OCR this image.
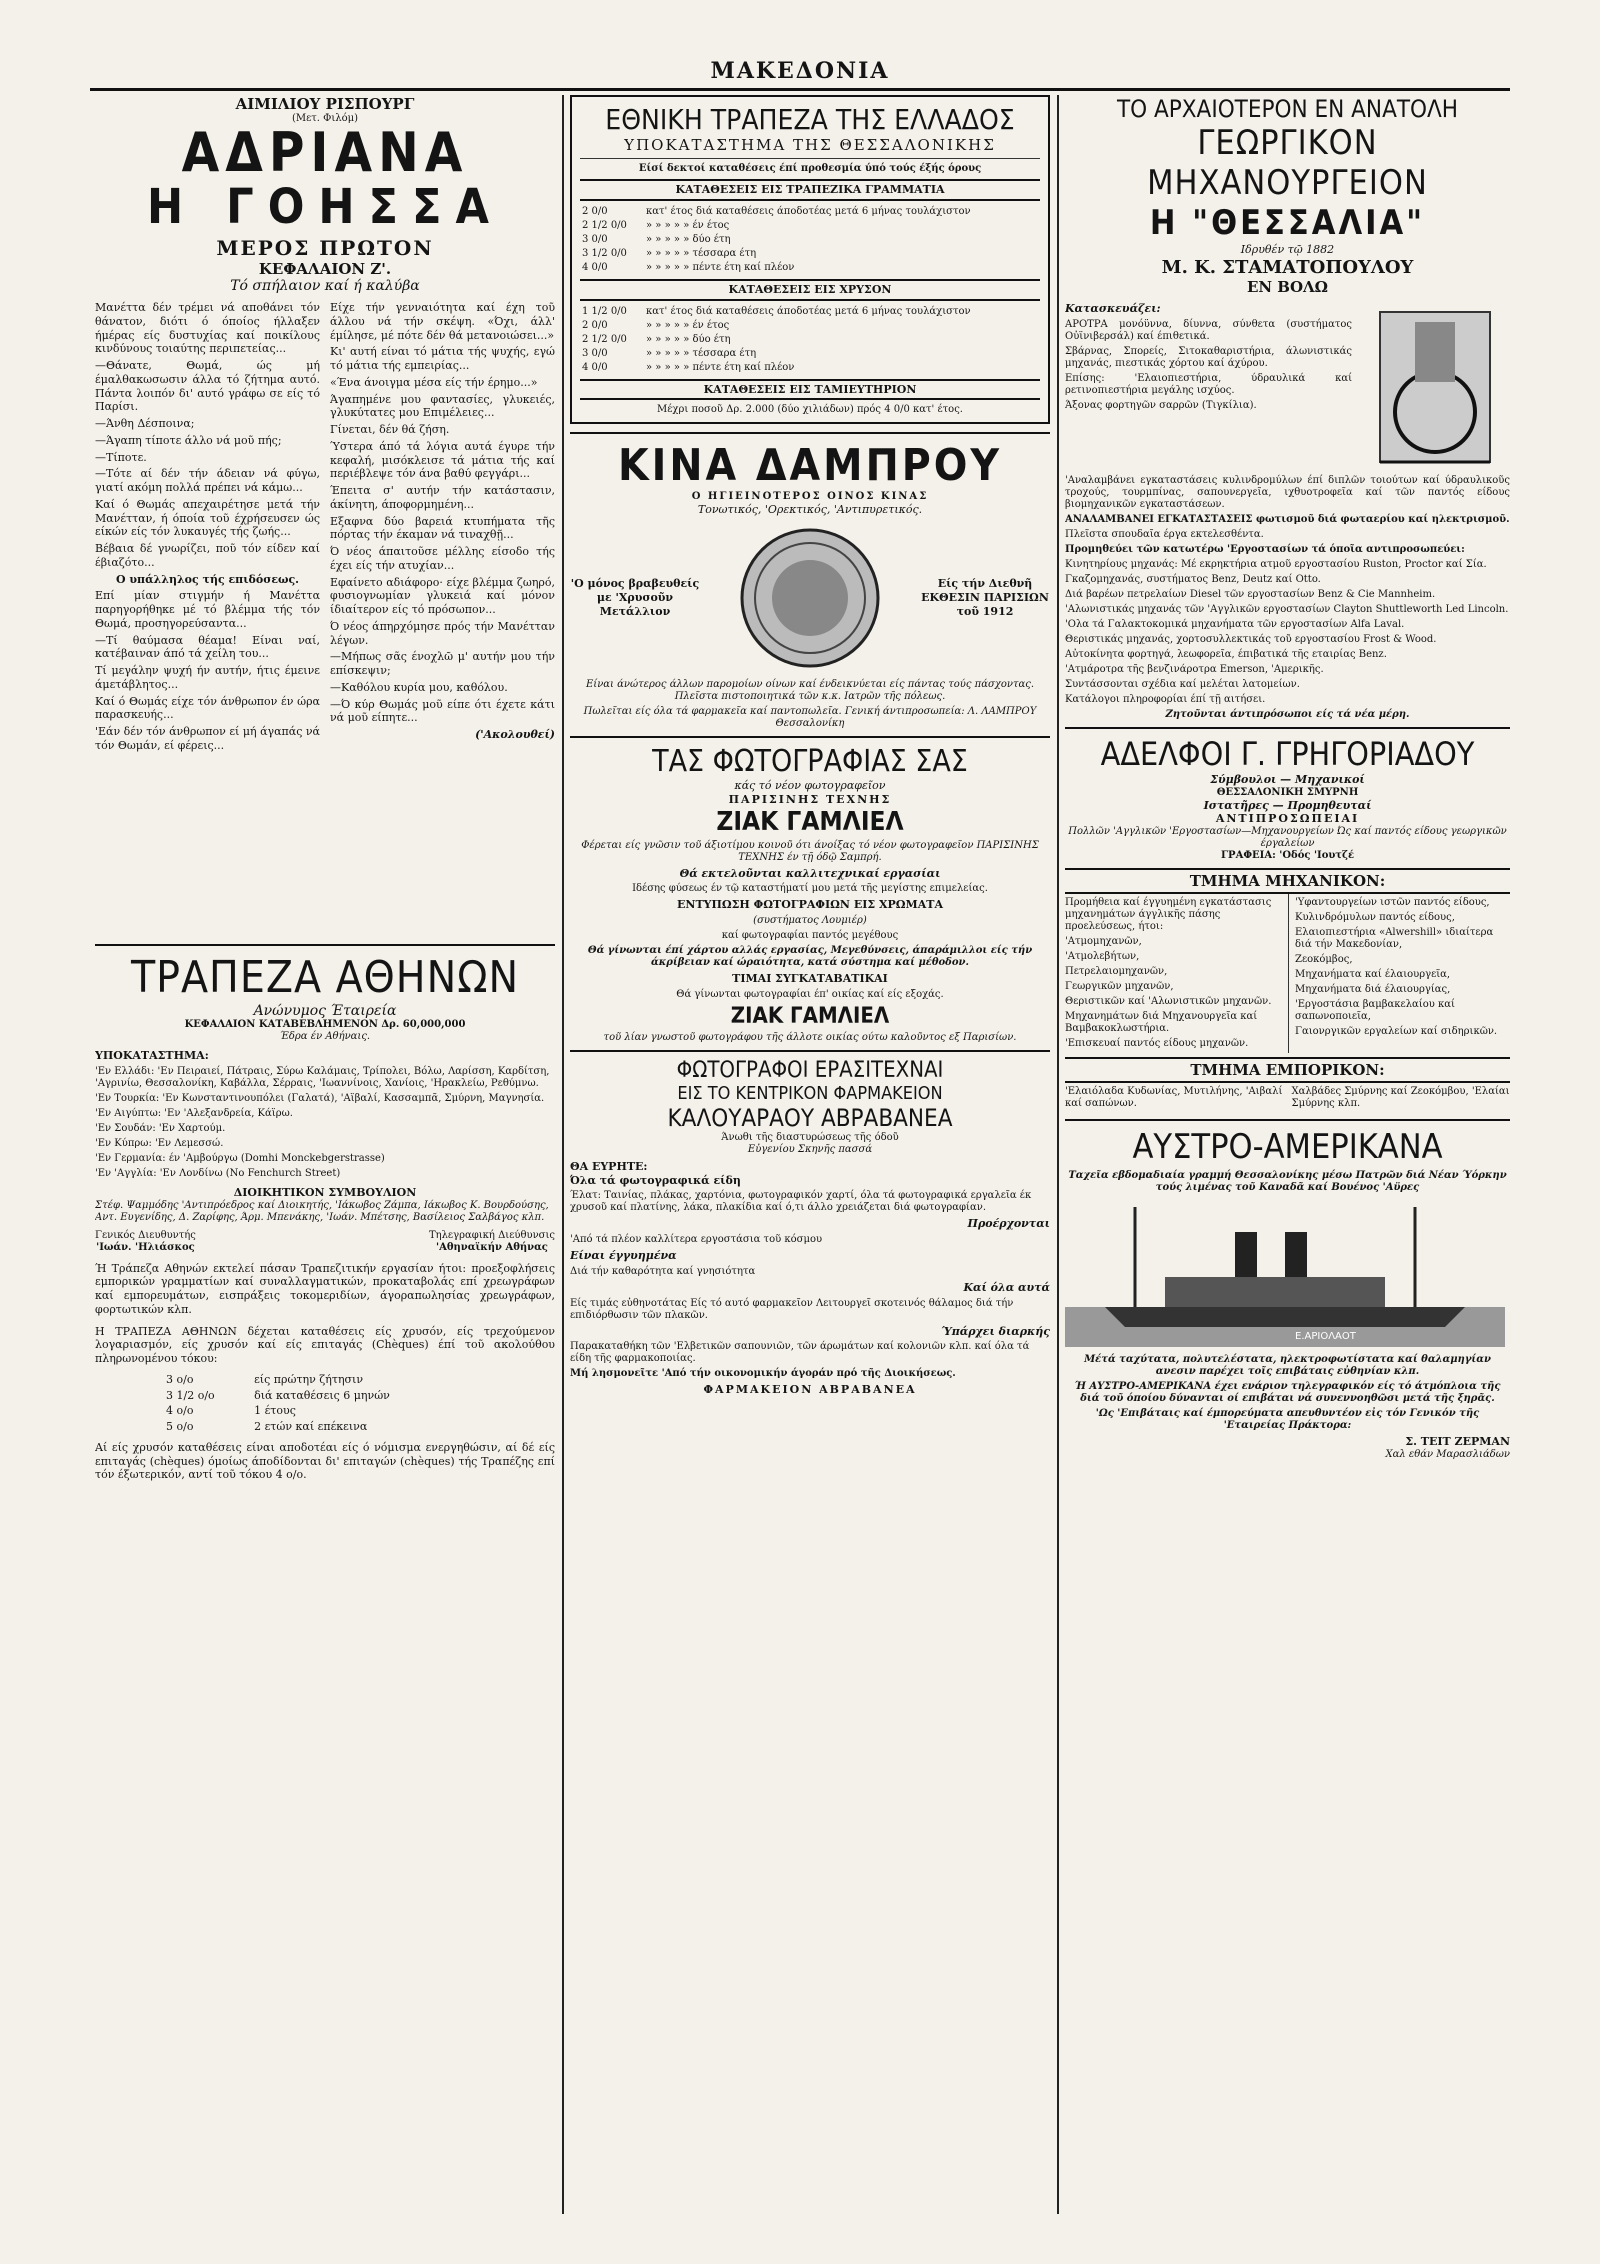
ΜΑΚΕΔΟΝΙΑ
ΑΙΜΙΛΙΟΥ ΡΙΣΠΟΥΡΓ
(Μετ. Φιλόμ)
ΑΔΡΙΑΝΑ
Η ΓΟΗΣΣΑ
ΜΕΡΟΣ ΠΡΩΤΟΝ
ΚΕΦΑΛΑΙΟΝ Ζ'.
Τό σπήλαιον καί ή καλύβα

Μανέττα δέν τρέμει νά αποθάνει τόν θάνατον, διότι ό όποίος ήλλαξεν ήμέρας είς δυστυχίας καί ποικίλους κινδύνους τοιαύτης περιπετείας...

—Θάνατε, Θωμά, ώς μή έμαλθακωσωσιν άλλα τό ζήτημα αυτό. Πάντα λοιπόν δι' αυτό γράφω σε είς τό Παρίσι.

—Άνθη Δέσποινα;

—Άγαπη τίποτε άλλο νά μοῦ πής;

—Τίποτε.

—Τότε αί δέν τήν άδειαν νά φύγω, γιατί ακόμη πολλά πρέπει νά κάμω...

Καί ό Θωμάς απεχαιρέτησε μετά τήν Μανέτταν, ή όποία τοῦ έχρήσευσεν ώς είκών είς τόν λυκαυγές τής ζωής...

Βέβαια δέ γνωρίζει, ποῦ τόν είδεν καί έβιαζότο...

Ο υπάλληλος τής επιδόσεως.

Επί μίαν στιγμήν ή Μανέττα παρηγορήθηκε μέ τό βλέμμα τής τόν Θωμά, προσηγορεύσαντα...

—Τί θαύμασα θέαμα! Είναι ναί, κατέβαιναν άπό τά χείλη του...

Τί μεγάλην ψυχή ήν αυτήν, ήτις έμεινε άμετάβλητος...

Καί ό Θωμάς είχε τόν άνθρωπον έν ώρα παρασκευής...

'Εάν δέν τόν άνθρωπον εί μή άγαπάς νά τόν Θωμάν, εί φέρεις...

Είχε τήν γενναιότητα καί έχη τοῦ άλλου νά τήν σκέψη. «Όχι, άλλ' έμίλησε, μέ πότε δέν θά μετανοιώσει...»

Κι' αυτή είναι τό μάτια τής ψυχής, εγώ τό μάτια τής εμπειρίας...

«Ένα άνοιγμα μέσα είς τήν έρημο...»

Άγαπημένε μου φαντασίες, γλυκειές, γλυκύτατες μου Επιμέλειες...

Γίνεται, δέν θά ζήση.

Ύστερα άπό τά λόγια αυτά έγυρε τήν κεφαλή, μισόκλεισε τά μάτια τής καί περιέβλεψε τόν άνα βαθύ φεγγάρι...

Έπειτα σ' αυτήν τήν κατάστασιν, άκίνητη, άποφορμημένη...

Εξαφνα δύο βαρειά κτυπήματα τῆς πόρτας τήν έκαμαν νά τιναχθῇ...

Ό νέος άπαιτοῦσε μέλλης είσοδο τής έχει είς τήν ατυχίαν...

Εφαίνετο αδιάφορο· είχε βλέμμα ζωηρό, φυσιογνωμίαν γλυκειά καί μόνον ίδιαίτερον είς τό πρόσωπον...

Ό νέος άπηρχόμησε πρός τήν Μανέτταν λέγων.

—Μήπως σᾶς ένοχλῶ μ' αυτήν μου τήν επίσκεψιν;

—Καθόλου κυρία μου, καθόλου.

—Ό κύρ Θωμάς μοῦ είπε ότι έχετε κάτι νά μοῦ είπητε...

('Ακολουθεί)

ΤΡΑΠΕΖΑ ΑΘΗΝΩΝ
Ανώνυμος Έταιρεία
ΚΕΦΑΛΑΙΟΝ ΚΑΤΑΒΕΒΛΗΜΕΝΟΝ Δρ. 60,000,000
Έδρα έν Αθήναις.
ΥΠΟΚΑΤΑΣΤΗΜΑ:

'Εν Ελλάδι: 'Εν Πειραιεί, Πάτραις, Σύρω Καλάμαις, Τρίπολει, Βόλω, Λαρίσση, Καρδίτση, 'Αγρινίω, Θεσσαλονίκη, Καβάλλα, Σέρραις, 'Ιωαννίνοις, Χανίοις, 'Ηρακλείω, Ρεθύμνω.

'Εν Τουρκία: 'Εν Κωνσταντινουπόλει (Γαλατά), 'Αϊβαλί, Κασσαμπᾶ, Σμύρνη, Μαγνησία.

'Εν Αιγύπτω: 'Εν 'Αλεξανδρεία, Κάϊρω.

'Εν Σουδάν: 'Εν Χαρτούμ.

'Εν Κύπρω: 'Εν Λεμεσσώ.

'Εν Γερμανία: έν 'Αμβούργω (Domhi Monckebgerstrasse)

'Εν 'Αγγλία: 'Εν Λονδίνω (No Fenchurch Street)

ΔΙΟΙΚΗΤΙΚΟΝ ΣΥΜΒΟΥΛΙΟΝ
Στέφ. Ψαμμόδης 'Αντιπρόεδρος καί Διοικητής, 'Ιάκωβος Ζάμπα, Ιάκωβος Κ. Βουρδούσης, Αντ. Ευγενίδης, Δ. Ζαρίφης, Άρμ. Μπενάκης, 'Ιωάν. Μπέτσης, Βασίλειος Σαλβάγος κλπ.
Γενικός Διευθυντής
'Ιωάν. 'Ηλιάσκος
Τηλεγραφική Διεύθυνσις
'Αθηναϊκήν Αθήνας

Ή Τράπεζα Αθηνών εκτελεί πάσαν Τραπεζιτικήν εργασίαν ήτοι: προεξοφλήσεις εμπορικών γραμματίων καί συναλλαγματικών, προκαταβολάς επί χρεωγράφων καί εμπορευμάτων, εισπράξεις τοκομεριδίων, άγοραπωλησίας χρεωγράφων, φορτωτικών κλπ.

Η ΤΡΑΠΕΖΑ ΑΘΗΝΩΝ δέχεται καταθέσεις είς χρυσόν, είς τρεχούμενον λογαριασμόν, είς χρυσόν καί είς επιταγάς (Chèques) έπί τοῦ ακολούθου πληρωνομένου τόκου:

3 ο/ο	είς πρώτην ζήτησιν
3 1/2 ο/ο	διά καταθέσεις 6 μηνών
4 ο/ο	1 έτους
5 ο/ο	2 ετών καί επέκεινα

Αί είς χρυσόν καταθέσεις είναι αποδοτέαι είς ό νόμισμα ενεργηθώσιν, αί δέ είς επιταγάς (chèques) όμοίως άποδίδονται δι' επιταγών (chèques) τής Τραπέζης επί τόν έξωτερικόν, αντί τοῦ τόκου 4 ο/ο.

ΕΘΝΙΚΗ ΤΡΑΠΕΖΑ ΤΗΣ ΕΛΛΑΔΟΣ
ΥΠΟΚΑΤΑΣΤΗΜΑ ΤΗΣ ΘΕΣΣΑΛΟΝΙΚΗΣ
Είσί δεκτοί καταθέσεις έπί προθεσμία ύπό τούς έξής όρους
ΚΑΤΑΘΕΣΕΙΣ ΕΙΣ ΤΡΑΠΕΖΙΚΑ ΓΡΑΜΜΑΤΙΑ
2 0/0	κατ' έτος διά καταθέσεις άποδοτέας μετά 6 μήνας τουλάχιστον
2 1/2 0/0	» » » » » έν έτος
3 0/0	» » » » » δύο έτη
3 1/2 0/0	» » » » » τέσσαρα έτη
4 0/0	» » » » » πέντε έτη καί πλέον
ΚΑΤΑΘΕΣΕΙΣ ΕΙΣ ΧΡΥΣΟΝ
1 1/2 0/0	κατ' έτος διά καταθέσεις άποδοτέας μετά 6 μήνας τουλάχιστον
2 0/0	» » » » » έν έτος
2 1/2 0/0	» » » » » δύο έτη
3 0/0	» » » » » τέσσαρα έτη
4 0/0	» » » » » πέντε έτη καί πλέον
ΚΑΤΑΘΕΣΕΙΣ ΕΙΣ ΤΑΜΙΕΥΤΗΡΙΟΝ
Μέχρι ποσοῦ Δρ. 2.000 (δύο χιλιάδων) πρός 4 0/0 κατ' έτος.
ΚΙΝΑ ΔΑΜΠΡΟΥ
Ο ΗΓΙΕΙΝΟΤΕΡΟΣ ΟΙΝΟΣ ΚΙΝΑΣ
Τονωτικός, 'Ορεκτικός, 'Αντιπυρετικός.
'Ο μόνος βραβευθείς με 'Χρυσοῦν Μετάλλιον
Είς τήν Διεθνῆ ΕΚΘΕΣΙΝ ΠΑΡΙΣΙΩΝ τοῦ 1912

Είναι άνώτερος άλλων παρομοίων οίνων καί ένδεικνύεται είς πάντας τούς πάσχοντας. Πλεῖστα πιστοποιητικά τῶν κ.κ. Ιατρῶν τῆς πόλεως.

Πωλεῖται είς όλα τά φαρμακεῖα καί παντοπωλεῖα. Γενική άντιπροσωπεία: Λ. ΛΑΜΠΡΟΥ Θεσσαλονίκη

ΤΑΣ ΦΩΤΟΓΡΑΦΙΑΣ ΣΑΣ
κάς τό νέον φωτογραφεῖον
ΠΑΡΙΣΙΝΗΣ ΤΕΧΝΗΣ
ΖΙΑΚ ΓΑΜΛΙΕΛ

Φέρεται είς γνῶσιν τοῦ άξιοτίμου κοινοῦ ότι άνοίξας τό νέον φωτογραφεῖον ΠΑΡΙΣΙΝΗΣ ΤΕΧΝΗΣ έν τῇ όδῷ Σαμπρή.

Θά εκτελοῦνται καλλιτεχνικαί εργασίαι

Ιδέσης φύσεως έν τῷ καταστήματί μου μετά τῆς μεγίστης επιμελείας.

ΕΝΤΥΠΩΣΗ ΦΩΤΟΓΡΑΦΙΩΝ ΕΙΣ ΧΡΩΜΑΤΑ

(συστήματος Λουμιέρ)

καί φωτογραφίαι παντός μεγέθους

Θά γίνωνται έπί χάρτου αλλάς εργασίας, Μεγεθύνσεις, άπαράμιλλοι είς τήν άκρίβειαν καί ώραιότητα, κατά σύστημα καί μέθοδον.

ΤΙΜΑΙ ΣΥΓΚΑΤΑΒΑΤΙΚΑΙ

Θά γίνωνται φωτογραφίαι έπ' οικίας καί είς εξοχάς.

ΖΙΑΚ ΓΑΜΛΙΕΛ

τοῦ λίαν γνωστοῦ φωτογράφου τῆς άλλοτε οικίας ούτω καλοῦντος εξ Παρισίων.

ΦΩΤΟΓΡΑΦΟΙ ΕΡΑΣΙΤΕΧΝΑΙ
ΕΙΣ ΤΟ ΚΕΝΤΡΙΚΟΝ ΦΑΡΜΑΚΕΙΟΝ
ΚΑΛΟΥΑΡΑΟΥ ΑΒΡΑΒΑΝΕΑ
Άνωθι τῆς διαστυρώσεως τῆς όδοῦ
Εὐγενίου Σκηνῆς πασσά
ΘΑ ΕΥΡΗΤΕ:
Όλα τά φωτογραφικά είδη

Έλατ: Ταινίας, πλάκας, χαρτόνια, φωτογραφικόν χαρτί, όλα τά φωτογραφικά εργαλεῖα έκ χρυσοῦ καί πλατίνης, λάκα, πλακίδια καί ό,τι άλλο χρειάζεται διά φωτογραφίαν.

Προέρχονται

'Από τά πλέον καλλίτερα εργοστάσια τοῦ κόσμου

Είναι έγγυημένα

Διά τήν καθαρότητα καί γνησιότητα

Καί όλα αυτά

Είς τιμάς εὐθηνοτάτας Είς τό αυτό φαρμακεῖον Λειτουργεῖ σκοτεινός θάλαμος διά τήν επιδιόρθωσιν τῶν πλακῶν.

Ύπάρχει διαρκής

Παρακαταθήκη τῶν 'Ελβετικῶν σαπουνιῶν, τῶν άρωμάτων καί κολονιῶν κλπ. καί όλα τά είδη τῆς φαρμακοποιίας.

Μή λησμονεῖτε 'Από τήν οικονομικήν άγοράν πρό τῆς Διοικήσεως.

ΦΑΡΜΑΚΕΙΟΝ ΑΒΡΑΒΑΝΕΑ
ΤΟ ΑΡΧΑΙΟΤΕΡΟΝ ΕΝ ΑΝΑΤΟΛΗ
ΓΕΩΡΓΙΚΟΝ ΜΗΧΑΝΟΥΡΓΕΙΟΝ
Η "ΘΕΣΣΑΛΙΑ"
Ιδρυθέν τῷ 1882
Μ. Κ. ΣΤΑΜΑΤΟΠΟΥΛΟΥ
ΕΝ ΒΟΛΩ
Κατασκευάζει:

ΑΡΟΤΡΑ μονόϋννα, δίυννα, σύνθετα (συστήματος Οὐϊνιβερσάλ) καί έπιθετικά.

Σβάρνας, Σπορείς, Σιτοκαθαριστήρια, άλωνιστικάς μηχανάς, πιεστικάς χόρτου καί άχύρου.

Επίσης: 'Ελαιοπιεστήρια, ύδραυλικά καί ρετινοπιεστήρια μεγάλης ισχύος.

Άξονας φορτηγῶν σαρρῶν (Τιγκίλια).

'Αναλαμβάνει εγκαταστάσεις κυλινδρομύλων έπί διπλῶν τοιούτων καί ύδραυλικοῦς τροχούς, τουρμπίνας, σαπουνεργεῖα, ιχθυοτροφεῖα καί τῶν παντός είδους βιομηχανικῶν εγκαταστάσεων.

ΑΝΑΛΑΜΒΑΝΕΙ ΕΓΚΑΤΑΣΤΑΣΕΙΣ φωτισμοῦ διά φωταερίου καί ηλεκτρισμοῦ.

Πλεῖστα σπουδαῖα έργα εκτελεσθέντα.

Προμηθεύει τῶν κατωτέρω 'Εργοστασίων τά όποῖα αντιπροσωπεύει:

Κινητηρίους μηχανάς: Μέ εκρηκτήρια ατμοῦ εργοστασίου Ruston, Proctor καί Σία.

Γκαζομηχανάς, συστήματος Benz, Deutz καί Otto.

Διά βαρέων πετρελαίων Diesel τῶν εργοστασίων Benz & Cie Mannheim.

'Αλωνιστικάς μηχανάς τῶν 'Αγγλικῶν εργοστασίων Clayton Shuttleworth Led Lincoln.

'Ολα τά Γαλακτοκομικά μηχανήματα τῶν εργοστασίων Alfa Laval.

Θεριστικάς μηχανάς, χορτοσυλλεκτικάς τοῦ εργοστασίου Frost & Wood.

Αὐτοκίνητα φορτηγά, λεωφορεῖα, έπιβατικά τῆς εταιρίας Benz.

'Ατμάροτρα τῆς βενζινάροτρα Emerson, 'Αμερικῆς.

Συντάσσονται σχέδια καί μελέται λατομείων.

Κατάλογοι πληροφορίαι έπί τῇ αιτήσει.

Ζητοῦνται άντιπρόσωποι είς τά νέα μέρη.

ΑΔΕΛΦΟΙ Γ. ΓΡΗΓΟΡΙΑΔΟΥ
Σύμβουλοι — Μηχανικοί
ΘΕΣΣΑΛΟΝΙΚΗ ΣΜΥΡΝΗ
Ιστατῆρες — Προμηθευταί
ΑΝΤΙΠΡΟΣΩΠΕΙΑΙ
Πολλῶν 'Αγγλικῶν 'Εργοστασίων—Μηχανουργείων Ώς καί παντός είδους γεωργικῶν έργαλείων
ΓΡΑΦΕΙΑ: 'Οδός 'Ιουτζέ
ΤΜΗΜΑ ΜΗΧΑΝΙΚΟΝ:

Προμήθεια καί έγγυημένη εγκατάστασις μηχανημάτων άγγλικῆς πάσης προελεύσεως, ήτοι:

'Ατμομηχανῶν,

'Ατμολεβήτων,

Πετρελαιομηχανῶν,

Γεωργικῶν μηχανῶν,

Θεριστικῶν καί 'Αλωνιστικῶν μηχανῶν.

Μηχανημάτων διά Μηχανουργεῖα καί Βαμβακοκλωστήρια.

'Επισκευαί παντός είδους μηχανῶν.

'Υφαντουργείων ιστῶν παντός είδους,

Κυλινδρόμυλων παντός είδους,

Ελαιοπιεστήρια «Alwershill» ιδιαίτερα διά τήν Μακεδονίαν,

Ζεοκόμβος,

Μηχανήματα καί έλαιουργεῖα,

Μηχανήματα διά έλαιουργίας,

'Εργοστάσια βαμβακελαίου καί σαπωνοποιεῖα,

Γαιονργικῶν εργαλείων καί σιδηρικῶν.

ΤΜΗΜΑ ΕΜΠΟΡΙΚΟΝ:

'Ελαιόλαδα Κυδωνίας, Μυτιλήνης, 'Αιβαλί καί σαπώνων.

Χαλβάδες Σμύρνης καί Ζεοκόμβου, 'Ελαίαι Σμύρνης κλπ.

ΑΥΣΤΡΟ-ΑΜΕΡΙΚΑΝΑ

Ταχεῖα εβδομαδιαία γραμμή Θεσσαλονίκης μέσω Πατρῶν διά Νέαν Ύόρκην τούς λιμένας τοῦ Καναδᾶ καί Βουένος 'Αϋρες

Ε.ΑΡΙΟΛΑΟΤ

Μέτά ταχύτατα, πολυτελέστατα, ηλεκτροφωτίστατα καί θαλαμηγίαν ανεσιν παρέχει τοῖς επιβάταις εὐθηνίαν κλπ.

Ή ΑΥΣΤΡΟ-ΑΜΕΡΙΚΑΝΑ έχει ενάριον τηλεγραφικόν είς τό άτμόπλοια τῆς διά τοῦ όποίου δύνανται οί επιβάται νά συνεννοηθῶσι μετά τῆς ξηρᾶς.

'Ως 'Επιβάταις καί έμπορεύματα απευθυντέον εἰς τόν Γενικόν τῆς 'Εταιρείας Πράκτορα:

Σ. ΤΕΙΤ ΖΕΡΜΑΝ
Χαλ εθάν Μαρασλιάδων
